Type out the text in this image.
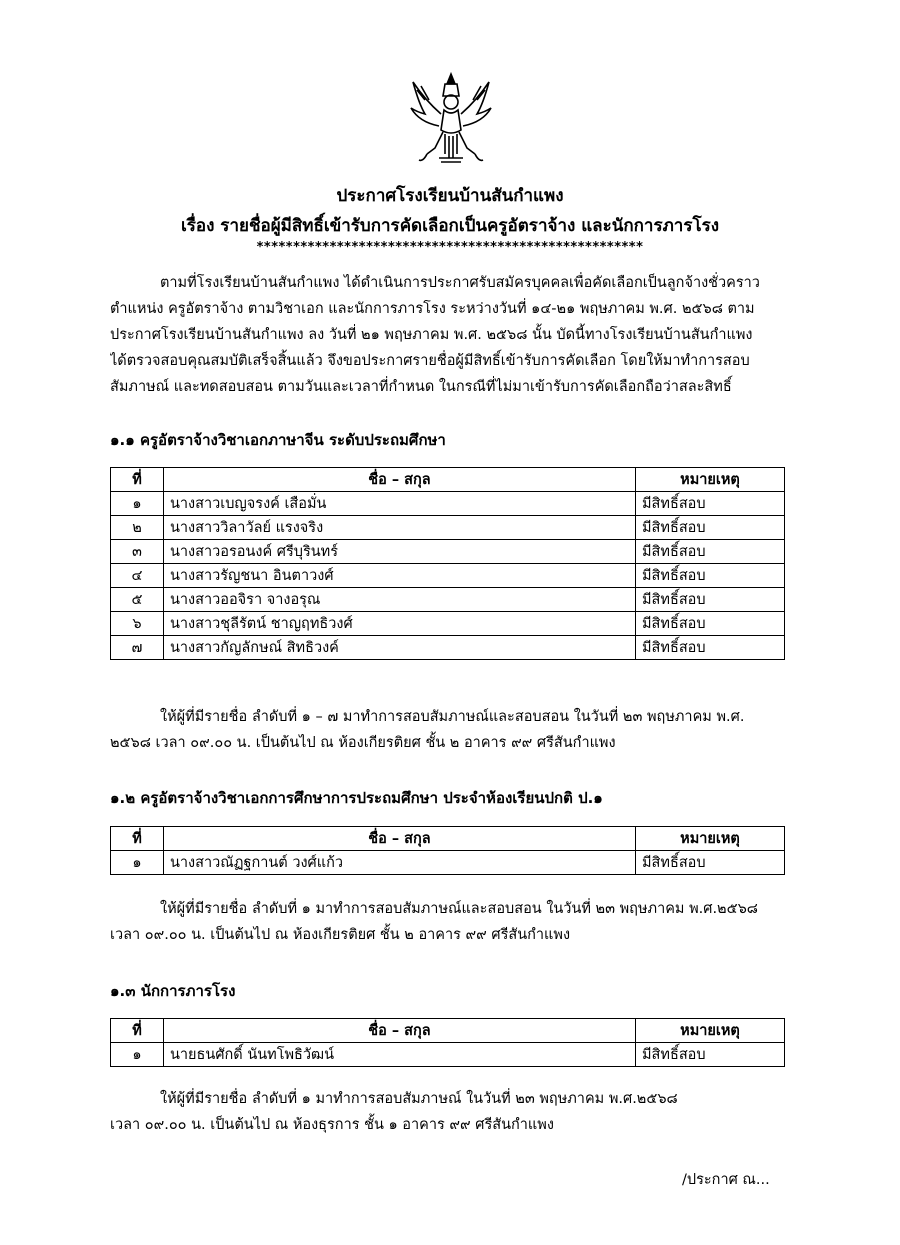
ประกาศโรงเรียนบ้านสันกำแพง
เรื่อง รายชื่อผู้มีสิทธิ์เข้ารับการคัดเลือกเป็นครูอัตราจ้าง และนักการภารโรง
*****************************************************
ตามที่โรงเรียนบ้านสันกำแพง ได้ดำเนินการประกาศรับสมัครบุคคลเพื่อคัดเลือกเป็นลูกจ้างชั่วคราว
ตำแหน่ง ครูอัตราจ้าง ตามวิชาเอก และนักการภารโรง ระหว่างวันที่ ๑๔-๒๑ พฤษภาคม พ.ศ. ๒๕๖๘ ตาม
ประกาศโรงเรียนบ้านสันกำแพง ลง วันที่ ๒๑ พฤษภาคม พ.ศ. ๒๕๖๘ นั้น บัดนี้ทางโรงเรียนบ้านสันกำแพง
ได้ตรวจสอบคุณสมบัติเสร็จสิ้นแล้ว จึงขอประกาศรายชื่อผู้มีสิทธิ์เข้ารับการคัดเลือก โดยให้มาทำการสอบ
สัมภาษณ์ และทดสอบสอน ตามวันและเวลาที่กำหนด ในกรณีที่ไม่มาเข้ารับการคัดเลือกถือว่าสละสิทธิ์
๑.๑ ครูอัตราจ้างวิชาเอกภาษาจีน ระดับประถมศึกษา
ที่	ชื่อ – สกุล	หมายเหตุ
๑	นางสาวเบญจรงค์ เสือมั่น	มีสิทธิ์สอบ
๒	นางสาววิลาวัลย์ แรงจริง	มีสิทธิ์สอบ
๓	นางสาวอรอนงค์ ศรีบุรินทร์	มีสิทธิ์สอบ
๔	นางสาวรัญชนา อินตาวงศ์	มีสิทธิ์สอบ
๕	นางสาวออจิรา จางอรุณ	มีสิทธิ์สอบ
๖	นางสาวชุลีรัตน์ ชาญฤทธิวงศ์	มีสิทธิ์สอบ
๗	นางสาวกัญลักษณ์ สิทธิวงค์	มีสิทธิ์สอบ
ให้ผู้ที่มีรายชื่อ ลำดับที่ ๑ – ๗ มาทำการสอบสัมภาษณ์และสอบสอน ในวันที่ ๒๓ พฤษภาคม พ.ศ.
๒๕๖๘ เวลา ๐๙.๐๐ น. เป็นต้นไป ณ ห้องเกียรติยศ ชั้น ๒ อาคาร ๙๙ ศรีสันกำแพง
๑.๒ ครูอัตราจ้างวิชาเอกการศึกษาการประถมศึกษา ประจำห้องเรียนปกติ ป.๑
ที่	ชื่อ – สกุล	หมายเหตุ
๑	นางสาวณัฏฐกานต์ วงศ์แก้ว	มีสิทธิ์สอบ
ให้ผู้ที่มีรายชื่อ ลำดับที่ ๑ มาทำการสอบสัมภาษณ์และสอบสอน ในวันที่ ๒๓ พฤษภาคม พ.ศ.๒๕๖๘
เวลา ๐๙.๐๐ น. เป็นต้นไป ณ ห้องเกียรติยศ ชั้น ๒ อาคาร ๙๙ ศรีสันกำแพง
๑.๓ นักการภารโรง
ที่	ชื่อ – สกุล	หมายเหตุ
๑	นายธนศักดิ์ นันทโพธิวัฒน์	มีสิทธิ์สอบ
ให้ผู้ที่มีรายชื่อ ลำดับที่ ๑ มาทำการสอบสัมภาษณ์ ในวันที่ ๒๓ พฤษภาคม พ.ศ.๒๕๖๘
เวลา ๐๙.๐๐ น. เป็นต้นไป ณ ห้องธุรการ ชั้น ๑ อาคาร ๙๙ ศรีสันกำแพง
/ประกาศ ณ...
